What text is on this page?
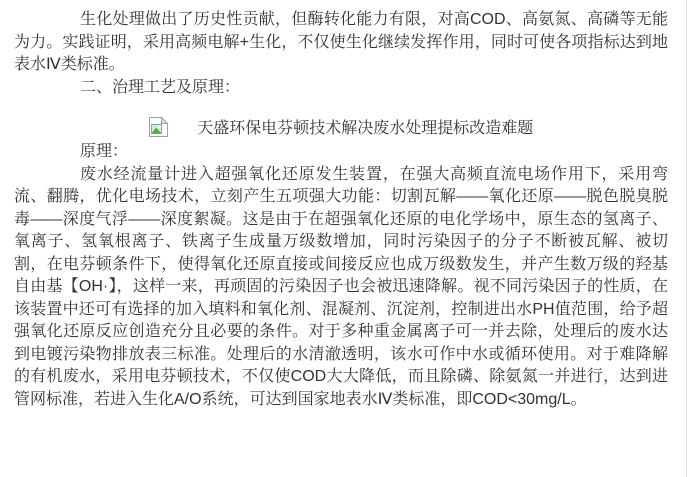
生化处理做出了历史性贡献，但酶转化能力有限，对高COD、高氨氮、高磷等无能为力。实践证明，采用高频电解+生化，不仅使生化继续发挥作用，同时可使各项指标达到地表水Ⅳ类标准。

二、治理工艺及原理：

天盛环保电芬顿技术解决废水处理提标改造难题

原理：

废水经流量计进入超强氧化还原发生装置，在强大高频直流电场作用下，采用弯流、翻腾，优化电场技术，立刻产生五项强大功能：切割瓦解——氧化还原——脱色脱臭脱毒——深度气浮——深度絮凝。这是由于在超强氧化还原的电化学场中，原生态的氢离子、氧离子、氢氧根离子、铁离子生成量万级数增加，同时污染因子的分子不断被瓦解、被切割，在电芬顿条件下，使得氧化还原直接或间接反应也成万级数发生，并产生数万级的羟基自由基【OH·】，这样一来，再顽固的污染因子也会被迅速降解。视不同污染因子的性质，在该装置中还可有选择的加入填料和氧化剂、混凝剂、沉淀剂，控制进出水PH值范围，给予超强氧化还原反应创造充分且必要的条件。对于多种重金属离子可一并去除，处理后的废水达到电镀污染物排放表三标准。处理后的水清澈透明，该水可作中水或循环使用。对于难降解的有机废水，采用电芬顿技术，不仅使COD大大降低，而且除磷、除氨氮一并进行，达到进管网标准，若进入生化A/O系统，可达到国家地表水Ⅳ类标准，即COD<30mg/L。
